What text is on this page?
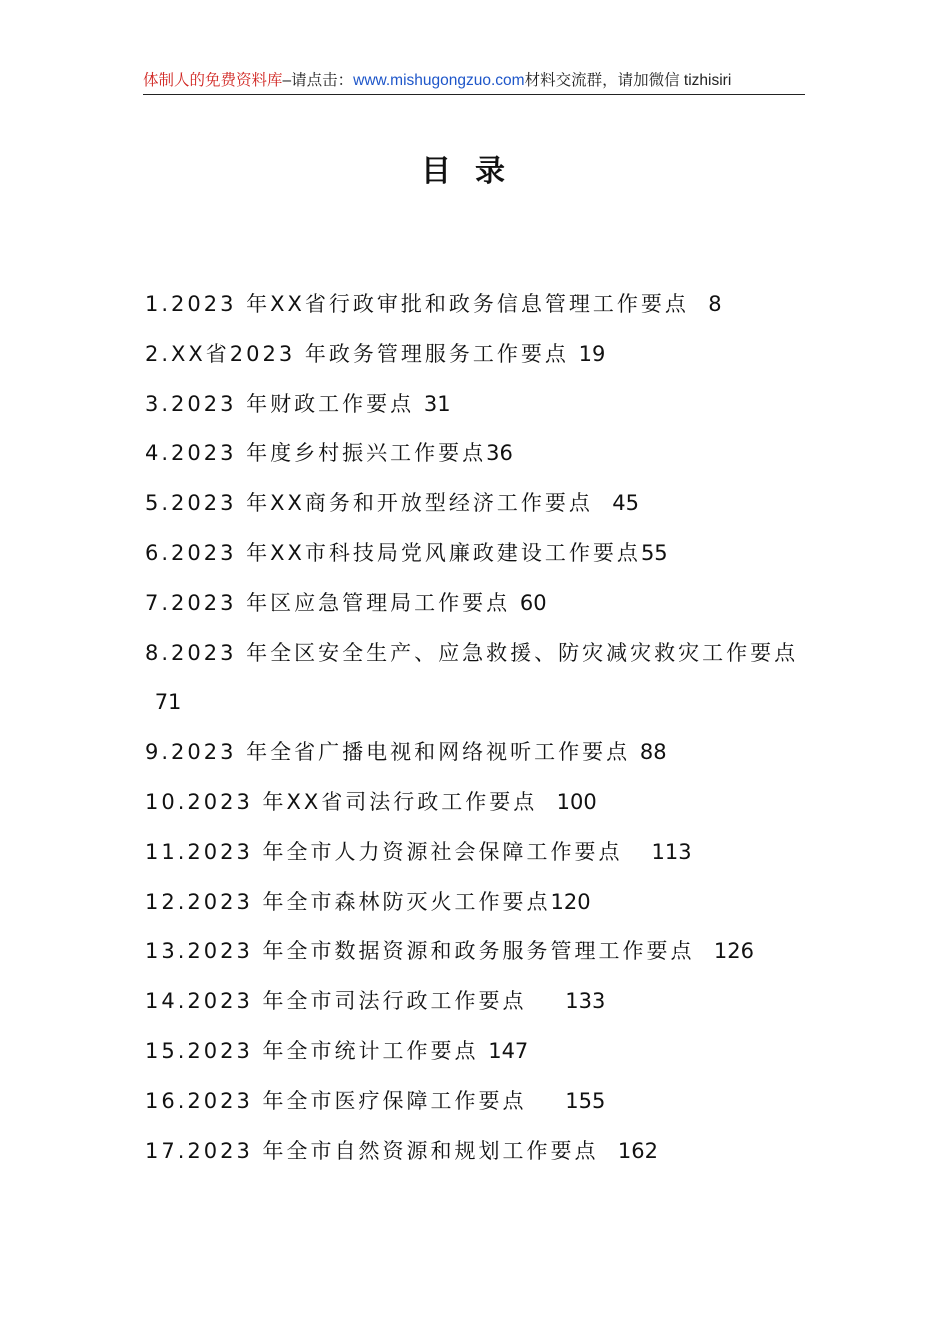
体制人的免费资料库–请点击：www.mishugongzuo.com材料交流群，请加微信 tizhisiri
目录
1.2023 年XX省行政审批和政务信息管理工作要点 8
2.XX省2023 年政务管理服务工作要点 19
3.2023 年财政工作要点 31
4.2023 年度乡村振兴工作要点36
5.2023 年XX商务和开放型经济工作要点 45
6.2023 年XX市科技局党风廉政建设工作要点55
7.2023 年区应急管理局工作要点 60
8.2023 年全区安全生产、应急救援、防灾减灾救灾工作要点 71
9.2023 年全省广播电视和网络视听工作要点 88
10.2023 年XX省司法行政工作要点 100
11.2023 年全市人力资源社会保障工作要点 113
12.2023 年全市森林防灭火工作要点120
13.2023 年全市数据资源和政务服务管理工作要点 126
14.2023 年全市司法行政工作要点 133
15.2023 年全市统计工作要点 147
16.2023 年全市医疗保障工作要点 155
17.2023 年全市自然资源和规划工作要点 162
